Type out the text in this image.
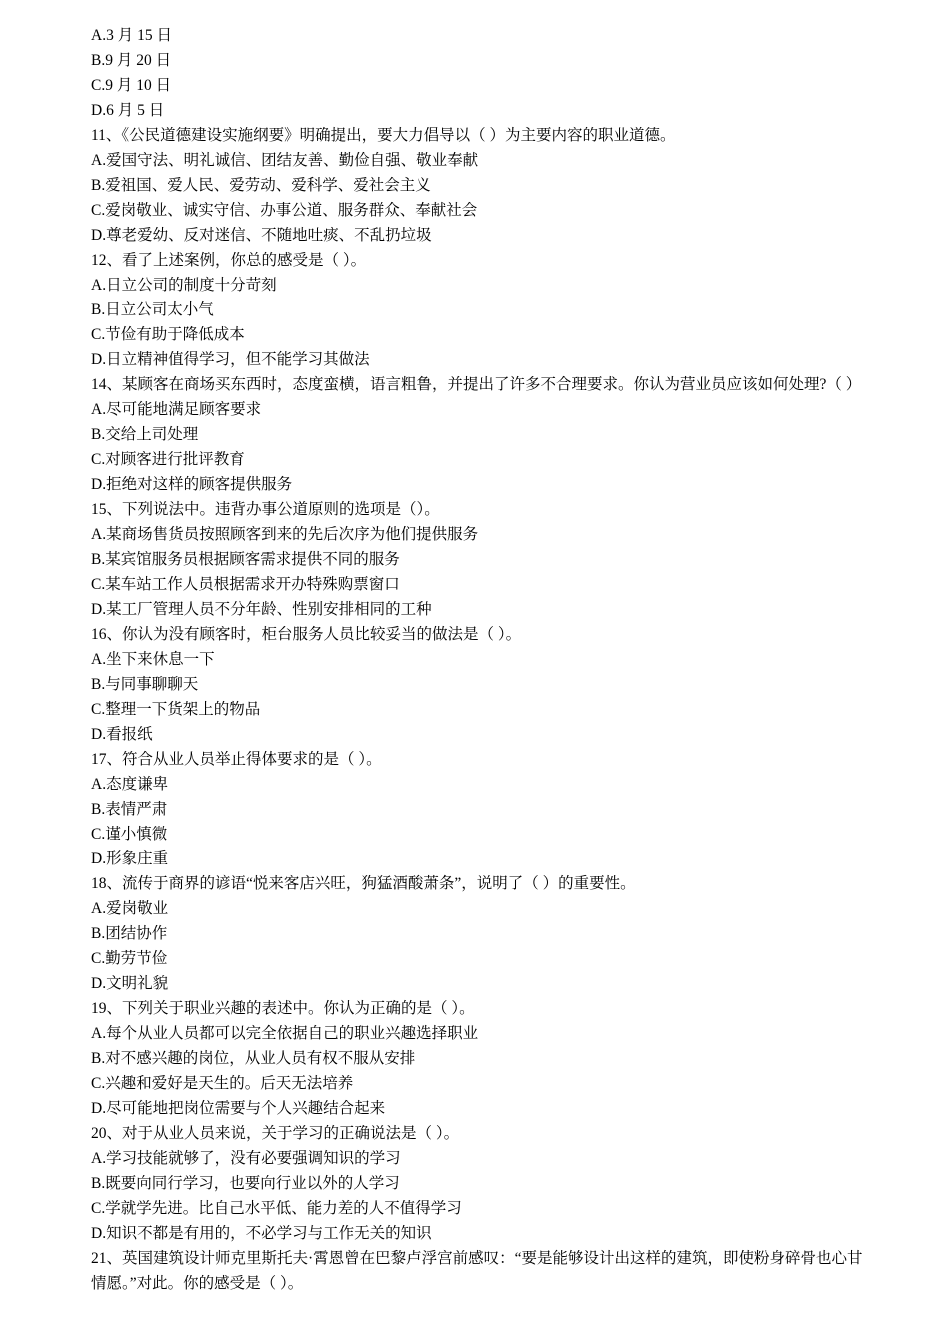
A.3 月 15 日
B.9 月 20 日
C.9 月 10 日
D.6 月 5 日
11、《公民道德建设实施纲要》明确提出，要大力倡导以（ ）为主要内容的职业道德。
A.爱国守法、明礼诚信、团结友善、勤俭自强、敬业奉献
B.爱祖国、爱人民、爱劳动、爱科学、爱社会主义
C.爱岗敬业、诚实守信、办事公道、服务群众、奉献社会
D.尊老爱幼、反对迷信、不随地吐痰、不乱扔垃圾
12、看了上述案例，你总的感受是（ ）。
A.日立公司的制度十分苛刻
B.日立公司太小气
C.节俭有助于降低成本
D.日立精神值得学习，但不能学习其做法
14、某顾客在商场买东西时，态度蛮横，语言粗鲁，并提出了许多不合理要求。你认为营业员应该如何处理?（ ）
A.尽可能地满足顾客要求
B.交给上司处理
C.对顾客进行批评教育
D.拒绝对这样的顾客提供服务
15、下列说法中。违背办事公道原则的选项是（）。
A.某商场售货员按照顾客到来的先后次序为他们提供服务
B.某宾馆服务员根据顾客需求提供不同的服务
C.某车站工作人员根据需求开办特殊购票窗口
D.某工厂管理人员不分年龄、性别安排相同的工种
16、你认为没有顾客时，柜台服务人员比较妥当的做法是（ ）。
A.坐下来休息一下
B.与同事聊聊天
C.整理一下货架上的物品
D.看报纸
17、符合从业人员举止得体要求的是（ ）。
A.态度谦卑
B.表情严肃
C.谨小慎微
D.形象庄重
18、流传于商界的谚语“悦来客店兴旺，狗猛酒酸萧条”，说明了（ ）的重要性。
A.爱岗敬业
B.团结协作
C.勤劳节俭
D.文明礼貌
19、下列关于职业兴趣的表述中。你认为正确的是（ ）。
A.每个从业人员都可以完全依据自己的职业兴趣选择职业
B.对不感兴趣的岗位，从业人员有权不服从安排
C.兴趣和爱好是天生的。后天无法培养
D.尽可能地把岗位需要与个人兴趣结合起来
20、对于从业人员来说，关于学习的正确说法是（ ）。
A.学习技能就够了，没有必要强调知识的学习
B.既要向同行学习，也要向行业以外的人学习
C.学就学先进。比自己水平低、能力差的人不值得学习
D.知识不都是有用的，不必学习与工作无关的知识
21、英国建筑设计师克里斯托夫·霄恩曾在巴黎卢浮宫前感叹：“要是能够设计出这样的建筑，即使粉身碎骨也心甘情愿。”对此。你的感受是（ ）。
